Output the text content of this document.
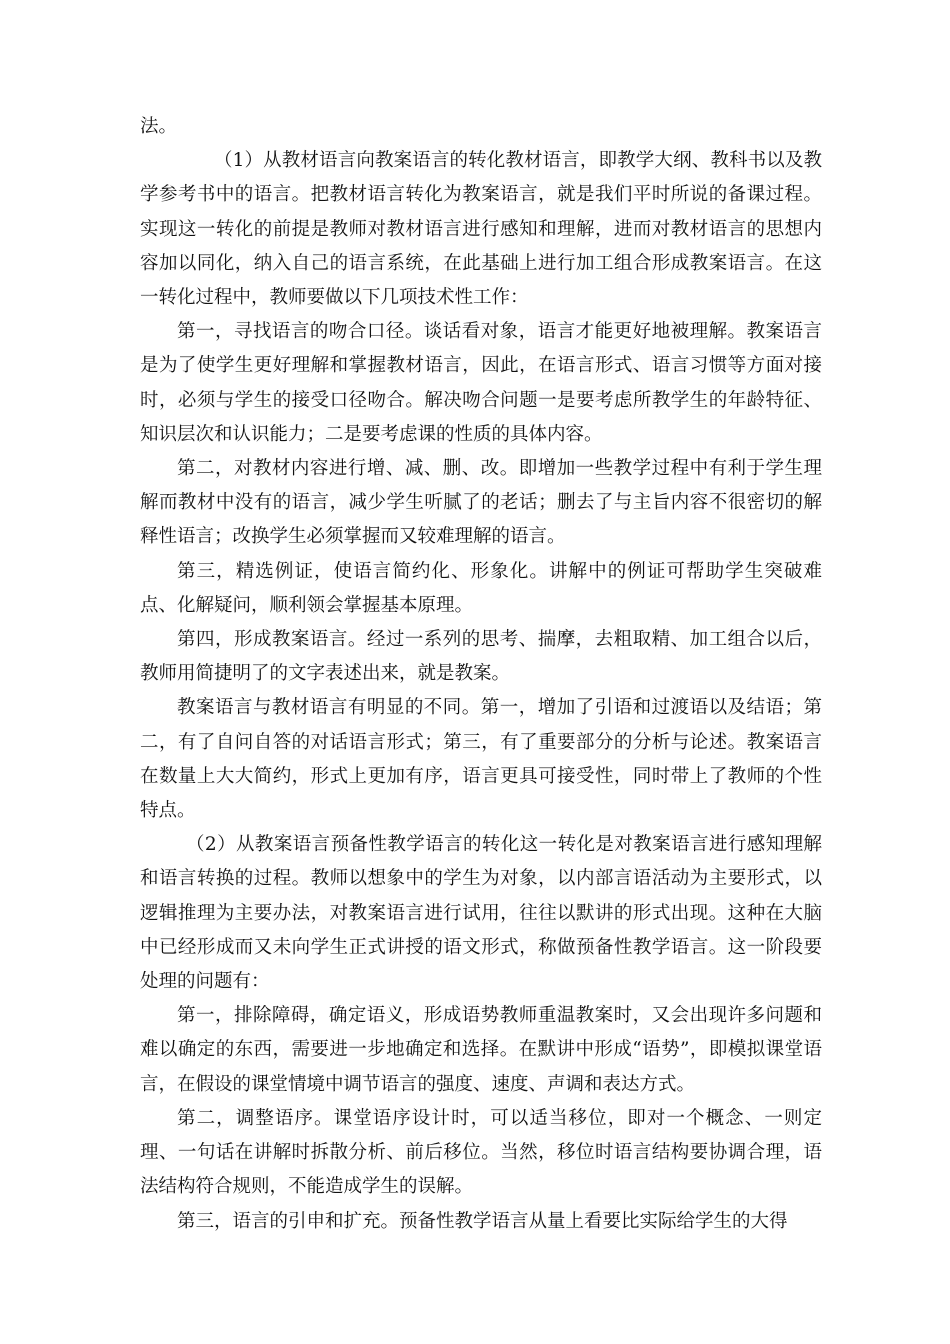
法。

（1）从教材语言向教案语言的转化教材语言，即教学大纲、教科书以及教学参考书中的语言。把教材语言转化为教案语言，就是我们平时所说的备课过程。实现这一转化的前提是教师对教材语言进行感知和理解，进而对教材语言的思想内容加以同化，纳入自己的语言系统，在此基础上进行加工组合形成教案语言。在这一转化过程中，教师要做以下几项技术性工作：

第一，寻找语言的吻合口径。谈话看对象，语言才能更好地被理解。教案语言是为了使学生更好理解和掌握教材语言，因此，在语言形式、语言习惯等方面对接时，必须与学生的接受口径吻合。解决吻合问题一是要考虑所教学生的年龄特征、知识层次和认识能力；二是要考虑课的性质的具体内容。

第二，对教材内容进行增、减、删、改。即增加一些教学过程中有利于学生理解而教材中没有的语言，减少学生听腻了的老话；删去了与主旨内容不很密切的解释性语言；改换学生必须掌握而又较难理解的语言。

第三，精选例证，使语言简约化、形象化。讲解中的例证可帮助学生突破难点、化解疑问，顺利领会掌握基本原理。

第四，形成教案语言。经过一系列的思考、揣摩，去粗取精、加工组合以后，教师用简捷明了的文字表述出来，就是教案。

教案语言与教材语言有明显的不同。第一，增加了引语和过渡语以及结语；第二，有了自问自答的对话语言形式；第三，有了重要部分的分析与论述。教案语言在数量上大大简约，形式上更加有序，语言更具可接受性，同时带上了教师的个性特点。

（2）从教案语言预备性教学语言的转化这一转化是对教案语言进行感知理解和语言转换的过程。教师以想象中的学生为对象，以内部言语活动为主要形式，以逻辑推理为主要办法，对教案语言进行试用，往往以默讲的形式出现。这种在大脑中已经形成而又未向学生正式讲授的语文形式，称做预备性教学语言。这一阶段要处理的问题有：

第一，排除障碍，确定语义，形成语势教师重温教案时，又会出现许多问题和难以确定的东西，需要进一步地确定和选择。在默讲中形成“语势”，即模拟课堂语言，在假设的课堂情境中调节语言的强度、速度、声调和表达方式。

第二，调整语序。课堂语序设计时，可以适当移位，即对一个概念、一则定理、一句话在讲解时拆散分析、前后移位。当然，移位时语言结构要协调合理，语法结构符合规则，不能造成学生的误解。

第三，语言的引申和扩充。预备性教学语言从量上看要比实际给学生的大得
